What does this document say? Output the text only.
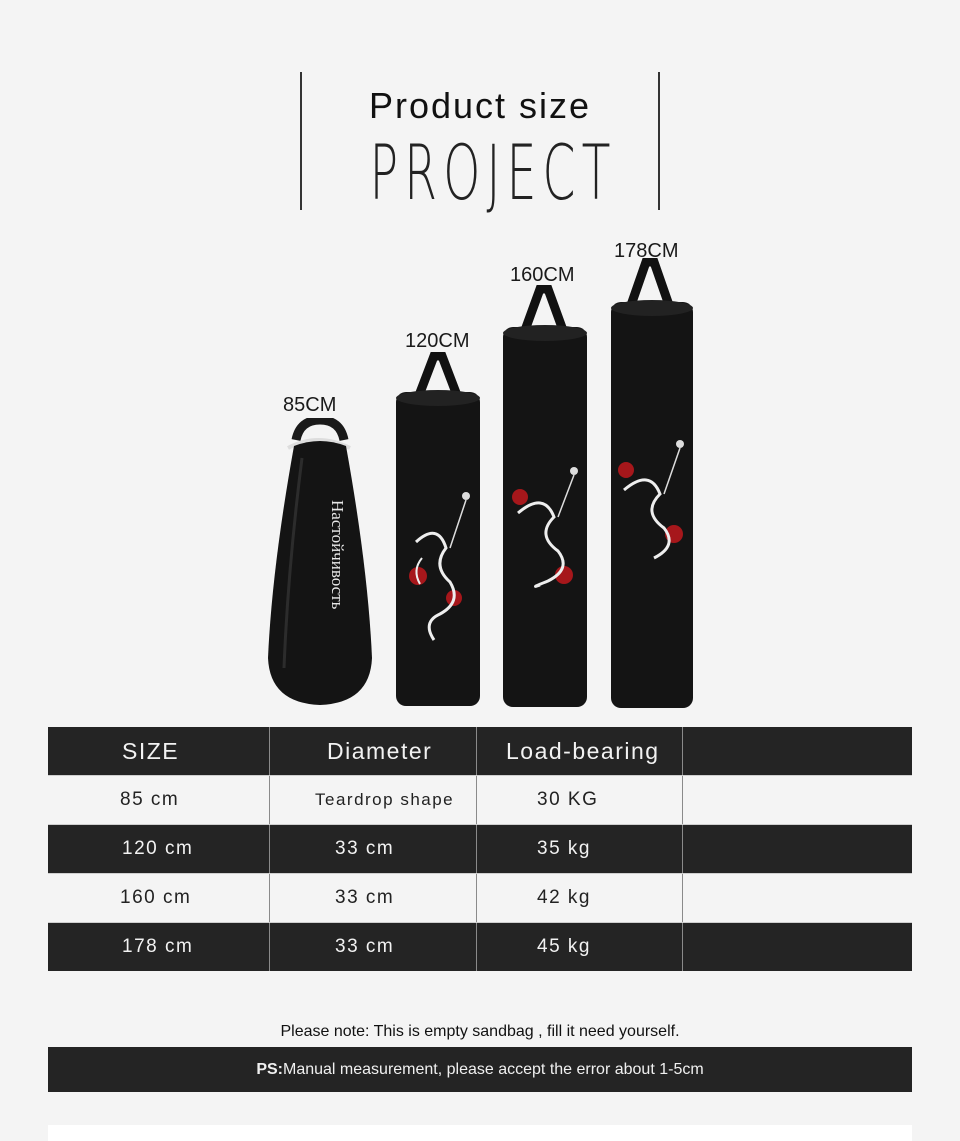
Product size
PROJECT
85CM
120CM
160CM
178CM
Настойчивость
SIZE	Diameter	Load-bearing
85 cm	Teardrop shape	30 KG
120 cm	33 cm	35 kg
160 cm	33 cm	42 kg
178 cm	33 cm	45 kg
Please note: This is empty sandbag , fill it need yourself.
PS: Manual measurement, please accept the error about 1-5cm
